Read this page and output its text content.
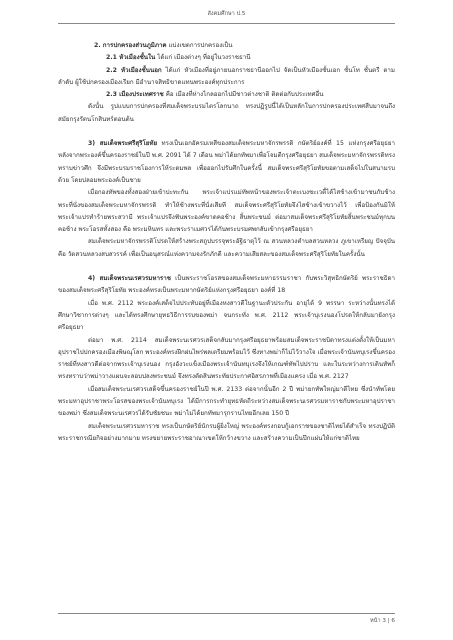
สังคมศึกษา ป.5

2. การปกครองส่วนภูมิภาค แบ่งเขตการปกครองเป็น

2.1 หัวเมืองชั้นใน ได้แก่ เมืองต่างๆ ที่อยู่ในวงราชธานี

2.2 หัวเมืองชั้นนอก ได้แก่ หัวเมืองที่อยู่ภายนอกราชธานีออกไป จัดเป็นหัวเมืองชั้นเอก ชั้นโท ชั้นตรี ตามลำดับ ผู้ใช้ปกครองเมืองเรียก มีอำนาจสิทธิขาดแทนพระองค์ทุกประการ

2.3 เมืองประเทศราช คือ เมืองที่ห่างไกลออกไปมีชาวต่างชาติ ติดต่อกับประเทศอื่น

ดังนั้น รูปแบบการปกครองที่สมเด็จพระบรมไตรโลกนาถ ทรงปฏิรูปนี้ได้เป็นหลักในการปกครองประเทศสืบมาจนถึงสมัยกรุงรัตนโกสินทร์ตอนต้น

3) สมเด็จพระศรีสุริโยทัย ทรงเป็นเอกอัครมเหสีของสมเด็จพระมหาจักรพรรดิ กษัตริย์องค์ที่ 15 แห่งกรุงศรีอยุธยา หลังจากพระองค์ขึ้นครองราชย์ในปี พ.ศ. 2091 ได้ 7 เดือน พม่าได้ยกทัพมาเพื่อโจมตีกรุงศรีอยุธยา สมเด็จพระมหาจักรพรรดิทรงทราบข่าวศึก จึงมีพระบรมราชโองการให้ระดมพล เพื่อออกไปรับศึกในครั้งนี้ สมเด็จพระศรีสุริโยทัยขอตามเสด็จไปในสนามรบด้วย โดยปลอมพระองค์เป็นชาย

เมื่อกองทัพของทั้งสองฝ่ายเข้าปะทะกัน พระเจ้าแปรแม่ทัพหน้าของพระเจ้าตะเบงชะเวตี้ได้ไสช้างเข้ามาชนกับช้างพระที่นั่งของสมเด็จพระมหาจักรพรรดิ ทำให้ช้างพระที่นั่งเสียที สมเด็จพระศรีสุริโยทัยจึงไสช้างเข้าขวางไว้ เพื่อป้องกันมิให้พระเจ้าแปรทำร้ายพระสวามี พระเจ้าแปรจึงฟันพระองค์ขาดคอช้าง สิ้นพระชนม์ ต่อมาสมเด็จพระศรีสุริโยทัยสิ้นพระชนม์ทุกบนคอช้าง พระโอรสทั้งสอง คือ พระมหินทร และพระราเมศวรได้กันพระบรมศพกลับเข้ากรุงศรีอยุธยา

สมเด็จพระมหาจักรพรรดิโปรดให้สร้างพระสถูปบรรจุพระอัฐิธาตุไว้ ณ สวนหลวงตำบลสวนหลวง ภูเขาเหรียญ ปัจจุบันคือ วัดสวนหลวงสบสวรรค์ เพื่อเป็นอนุสรณ์แห่งความจงรักภักดี และความเสียสละของสมเด็จพระศรีสุริโยทัยในครั้งนั้น

4) สมเด็จพระนเรศวรมหาราช เป็นพระราชโอรสของสมเด็จพระมหาธรรมราชา กับพระวิสุทธิกษัตริย์ พระราชธิดาของสมเด็จพระศรีสุริโยทัย พระองค์ทรงเป็นพระมหากษัตริย์แห่งกรุงศรีอยุธยา องค์ที่ 18

เมื่อ พ.ศ. 2112 พระองค์เสด็จไปประทับอยู่ที่เมืองหงสาวดีในฐานะตัวประกัน อายุได้ 9 พรรษา ระหว่างนั้นทรงได้ศึกษาวิชาการต่างๆ และได้ทรงศึกษายุทธวิธีการรบของพม่า จนกระทั่ง พ.ศ. 2112 พระเจ้าบุเรงนองโปรดให้กลับมายังกรุงศรีอยุธยา

ต่อมา พ.ศ. 2114 สมเด็จพระนเรศวรเสด็จกลับมากรุงศรีอยุธยาพร้อมสมเด็จพระราชบิดาทรงแต่งตั้งให้เป็นมหาอุปราชไปปกครองเมืองพิษณุโลก พระองค์ทรงฝึกฝนไพร่พลเตรียมพร้อมไว้ ซึ่งทางพม่าก็ไม่ไว้วางใจ เมื่อพระเจ้านันทบุเรงขึ้นครองราชย์ที่หงสาวดีต่อจากพระเจ้าบุเรงนอง กรุงอังวะแข็งเมืองพระเจ้านันทบุเรงจึงให้เกณฑ์ทัพไปปราบ และในระหว่างการเดินทัพก็ทรงทราบว่าพม่าวางแผนจะลอบปลงพระชนม์ จึงทรงตัดสินพระทัยประกาศอิสรภาพที่เมืองแครง เมื่อ พ.ศ. 2127

เมื่อสมเด็จพระนเรศวรเสด็จขึ้นครองราชย์ในปี พ.ศ. 2133 ต่อจากนั้นอีก 2 ปี พม่ายกทัพใหญ่มาตีไทย ซึ่งนำทัพโดยพระมหาอุปราชาพระโอรสของพระเจ้านันทบุเรง ได้มีการกระทำยุทธหัตถีระหว่างสมเด็จพระนเรศวรมหาราชกับพระมหาอุปราชาของพม่า ซึ่งสมเด็จพระนเรศวรได้รับชัยชนะ พม่าไม่ได้ยกทัพมารุกรานไทยอีกเลย 150 ปี

สมเด็จพระนเรศวรมหาราช ทรงเป็นกษัตริย์นักรบผู้ยิ่งใหญ่ พระองค์ทรงกอบกู้เอกราชของชาติไทยได้สำเร็จ ทรงปฏิบัติพระราชกรณียกิจอย่างมากมาย ทรงขยายพระราชอาณาเขตให้กว้างขวาง และสร้างความเป็นปึกแผ่นให้แก่ชาติไทย

หน้า 3 | 6
